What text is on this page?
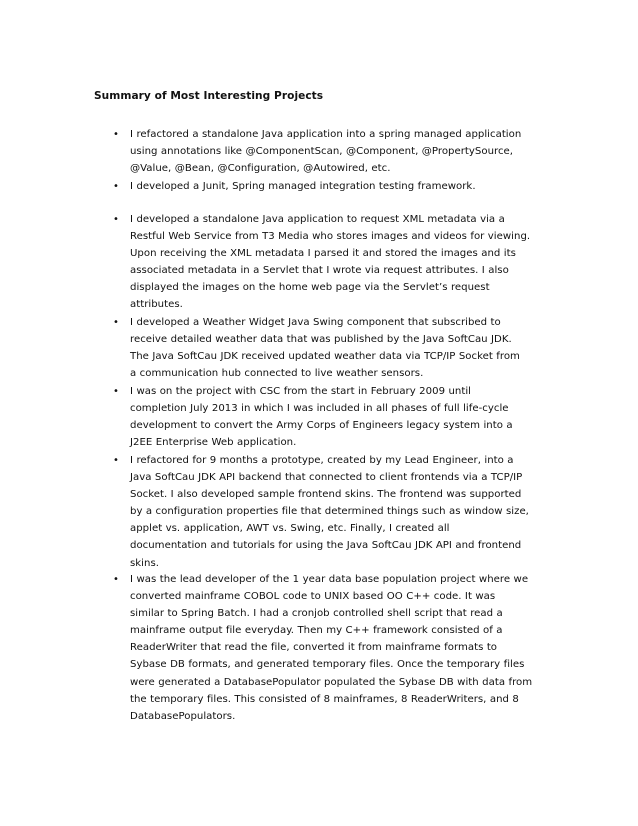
Summary of Most Interesting Projects
• I refactored a standalone Java application into a spring managed application
using annotations like @ComponentScan, @Component, @PropertySource,
@Value, @Bean, @Configuration, @Autowired, etc.
• I developed a Junit, Spring managed integration testing framework.
• I developed a standalone Java application to request XML metadata via a
Restful Web Service from T3 Media who stores images and videos for viewing.
Upon receiving the XML metadata I parsed it and stored the images and its
associated metadata in a Servlet that I wrote via request attributes. I also
displayed the images on the home web page via the Servlet’s request
attributes.
• I developed a Weather Widget Java Swing component that subscribed to
receive detailed weather data that was published by the Java SoftCau JDK.
The Java SoftCau JDK received updated weather data via TCP/IP Socket from
a communication hub connected to live weather sensors.
• I was on the project with CSC from the start in February 2009 until
completion July 2013 in which I was included in all phases of full life-cycle
development to convert the Army Corps of Engineers legacy system into a
J2EE Enterprise Web application.
• I refactored for 9 months a prototype, created by my Lead Engineer, into a
Java SoftCau JDK API backend that connected to client frontends via a TCP/IP
Socket. I also developed sample frontend skins. The frontend was supported
by a configuration properties file that determined things such as window size,
applet vs. application, AWT vs. Swing, etc. Finally, I created all
documentation and tutorials for using the Java SoftCau JDK API and frontend
skins.
• I was the lead developer of the 1 year data base population project where we
converted mainframe COBOL code to UNIX based OO C++ code. It was
similar to Spring Batch. I had a cronjob controlled shell script that read a
mainframe output file everyday. Then my C++ framework consisted of a
ReaderWriter that read the file, converted it from mainframe formats to
Sybase DB formats, and generated temporary files. Once the temporary files
were generated a DatabasePopulator populated the Sybase DB with data from
the temporary files. This consisted of 8 mainframes, 8 ReaderWriters, and 8
DatabasePopulators.
